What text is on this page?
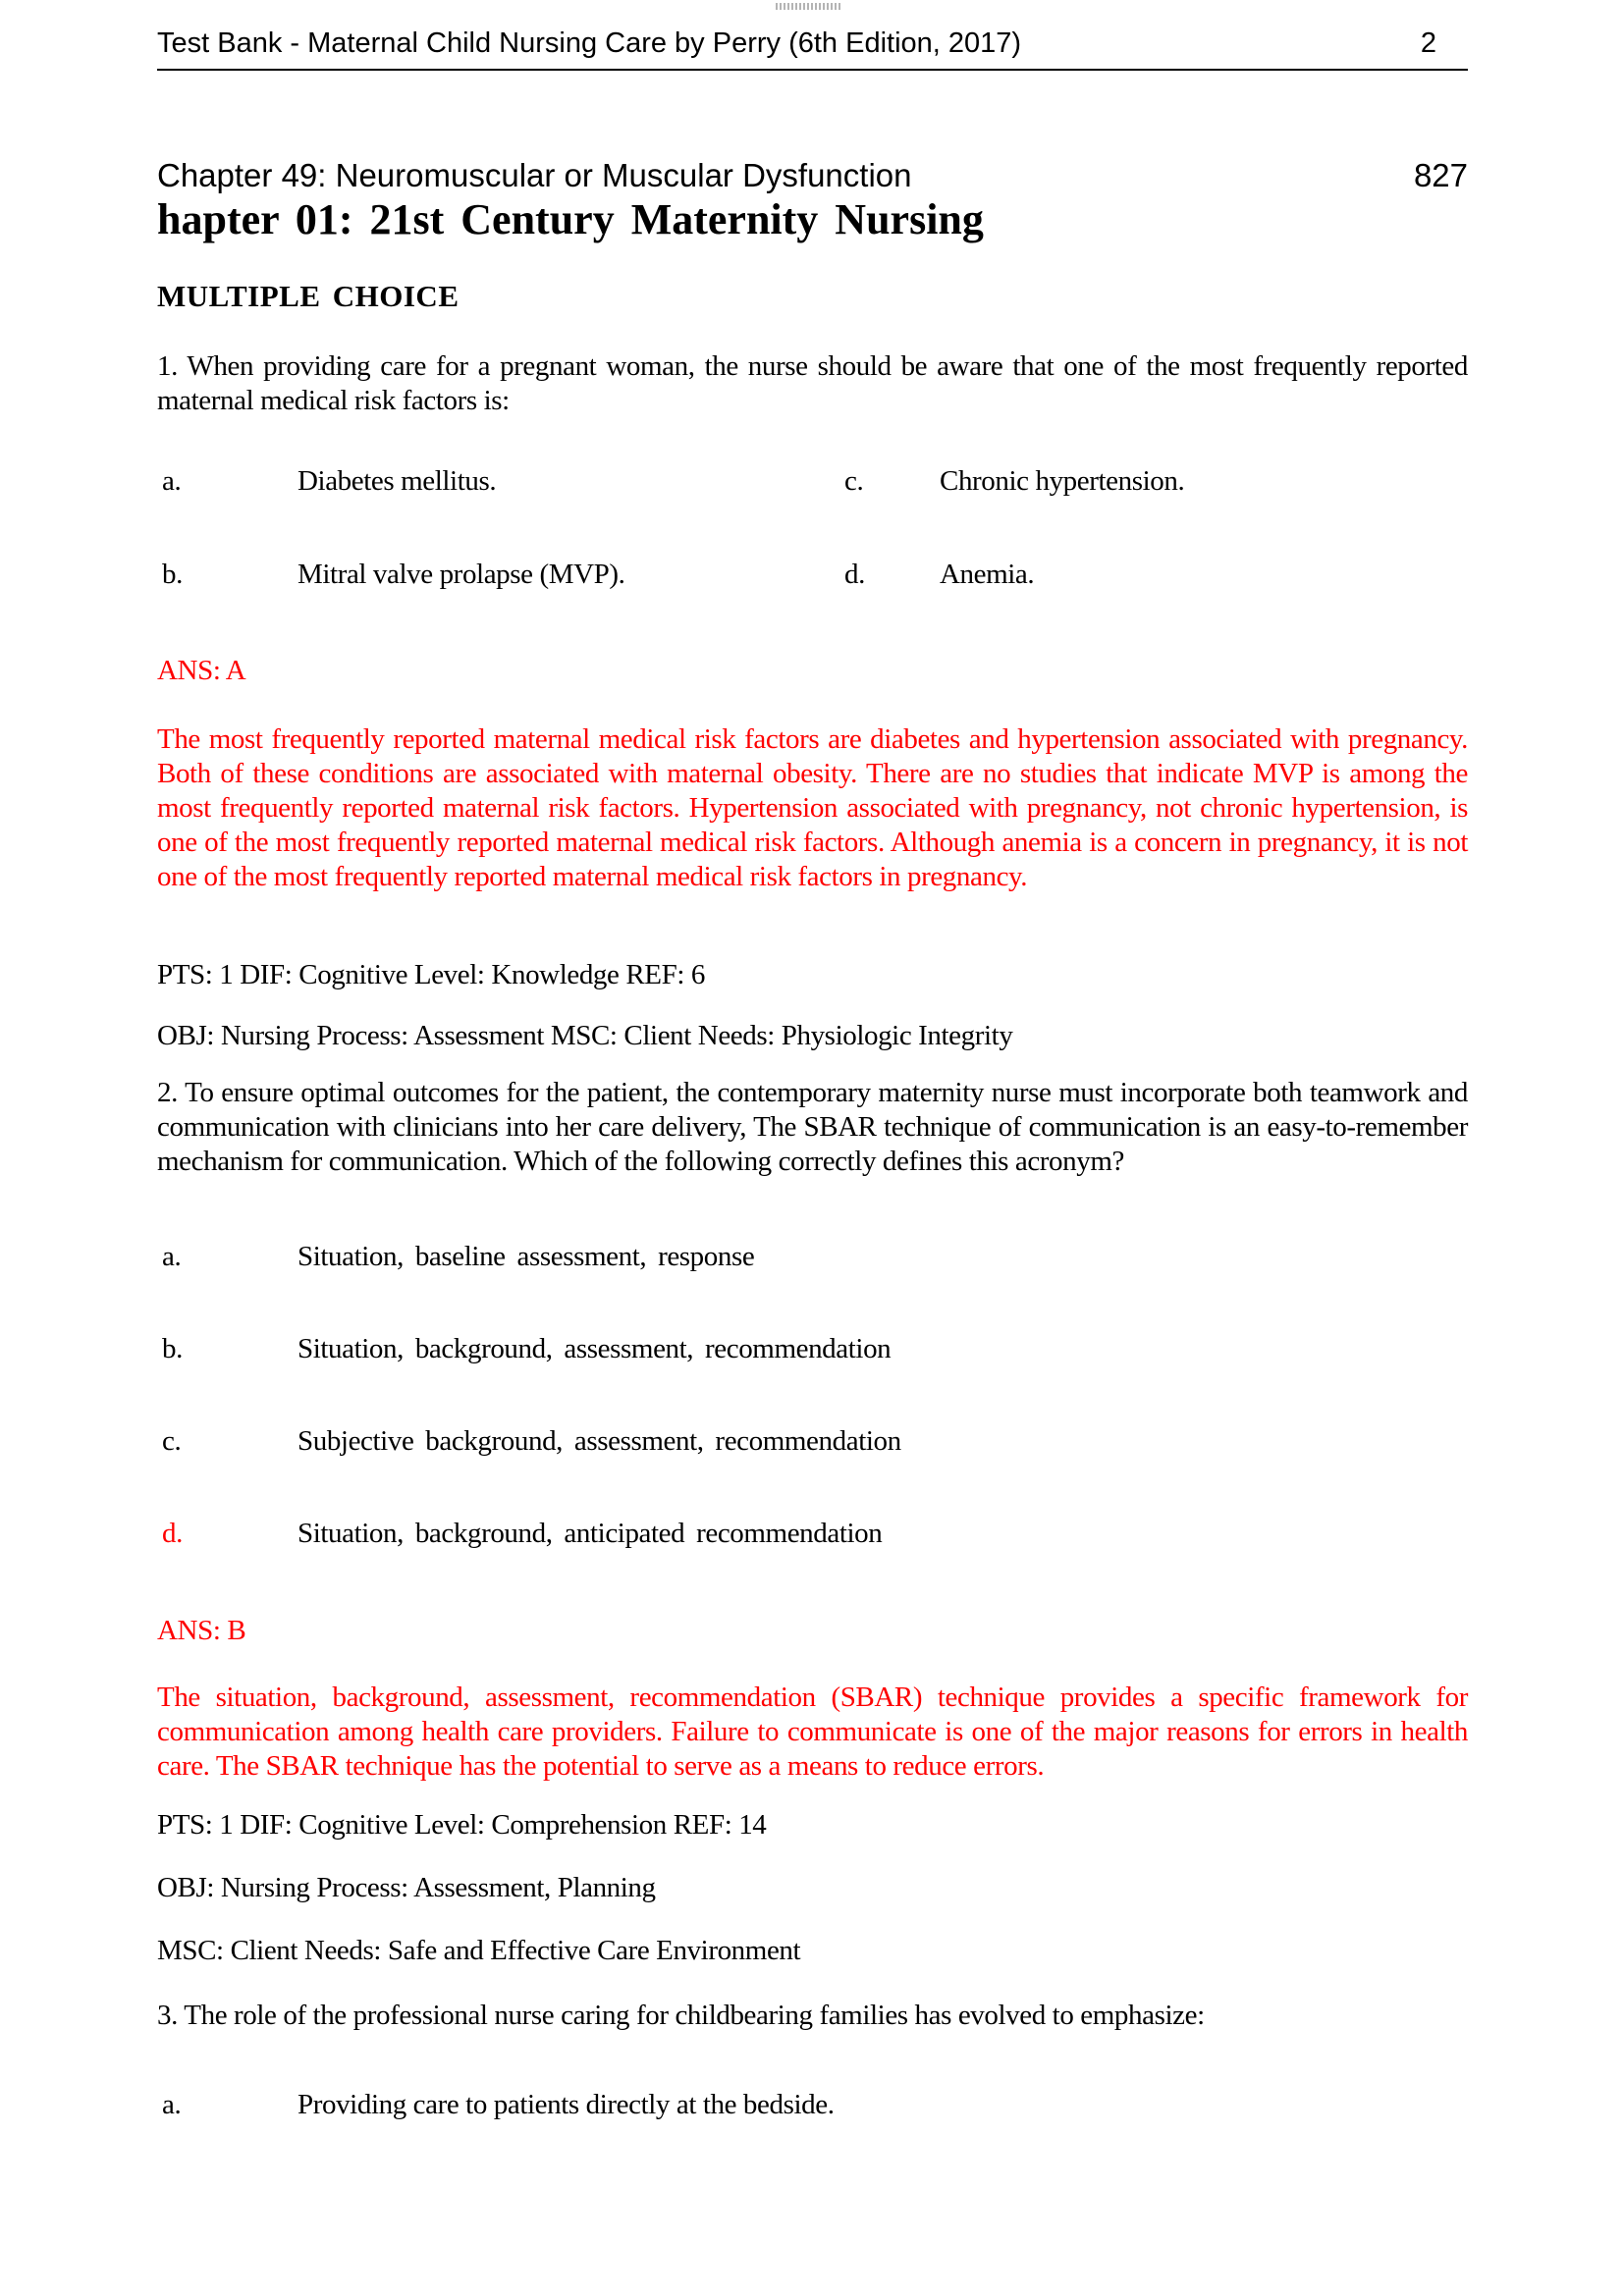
Test Bank - Maternal Child Nursing Care by Perry (6th Edition, 2017)	2
Chapter 49: Neuromuscular or Muscular Dysfunction	827
hapter 01: 21st Century Maternity Nursing
MULTIPLE CHOICE
1. When providing care for a pregnant woman, the nurse should be aware that one of the most frequently reported maternal medical risk factors is:
a.	Diabetes mellitus.	c.	Chronic hypertension.
b.	Mitral valve prolapse (MVP).	d.	Anemia.
ANS: A
The most frequently reported maternal medical risk factors are diabetes and hypertension associated with pregnancy. Both of these conditions are associated with maternal obesity. There are no studies that indicate MVP is among the most frequently reported maternal risk factors. Hypertension associated with pregnancy, not chronic hypertension, is one of the most frequently reported maternal medical risk factors. Although anemia is a concern in pregnancy, it is not one of the most frequently reported maternal medical risk factors in pregnancy.
PTS: 1 DIF: Cognitive Level: Knowledge REF: 6
OBJ: Nursing Process: Assessment MSC: Client Needs: Physiologic Integrity
2. To ensure optimal outcomes for the patient, the contemporary maternity nurse must incorporate both teamwork and communication with clinicians into her care delivery, The SBAR technique of communication is an easy-to-remember mechanism for communication. Which of the following correctly defines this acronym?
a.	Situation, baseline assessment, response
b.	Situation, background, assessment, recommendation
c.	Subjective background, assessment, recommendation
d.	Situation, background, anticipated recommendation
ANS: B
The situation, background, assessment, recommendation (SBAR) technique provides a specific framework for communication among health care providers. Failure to communicate is one of the major reasons for errors in health care. The SBAR technique has the potential to serve as a means to reduce errors.
PTS: 1 DIF: Cognitive Level: Comprehension REF: 14
OBJ: Nursing Process: Assessment, Planning
MSC: Client Needs: Safe and Effective Care Environment
3. The role of the professional nurse caring for childbearing families has evolved to emphasize:
a.	Providing care to patients directly at the bedside.
